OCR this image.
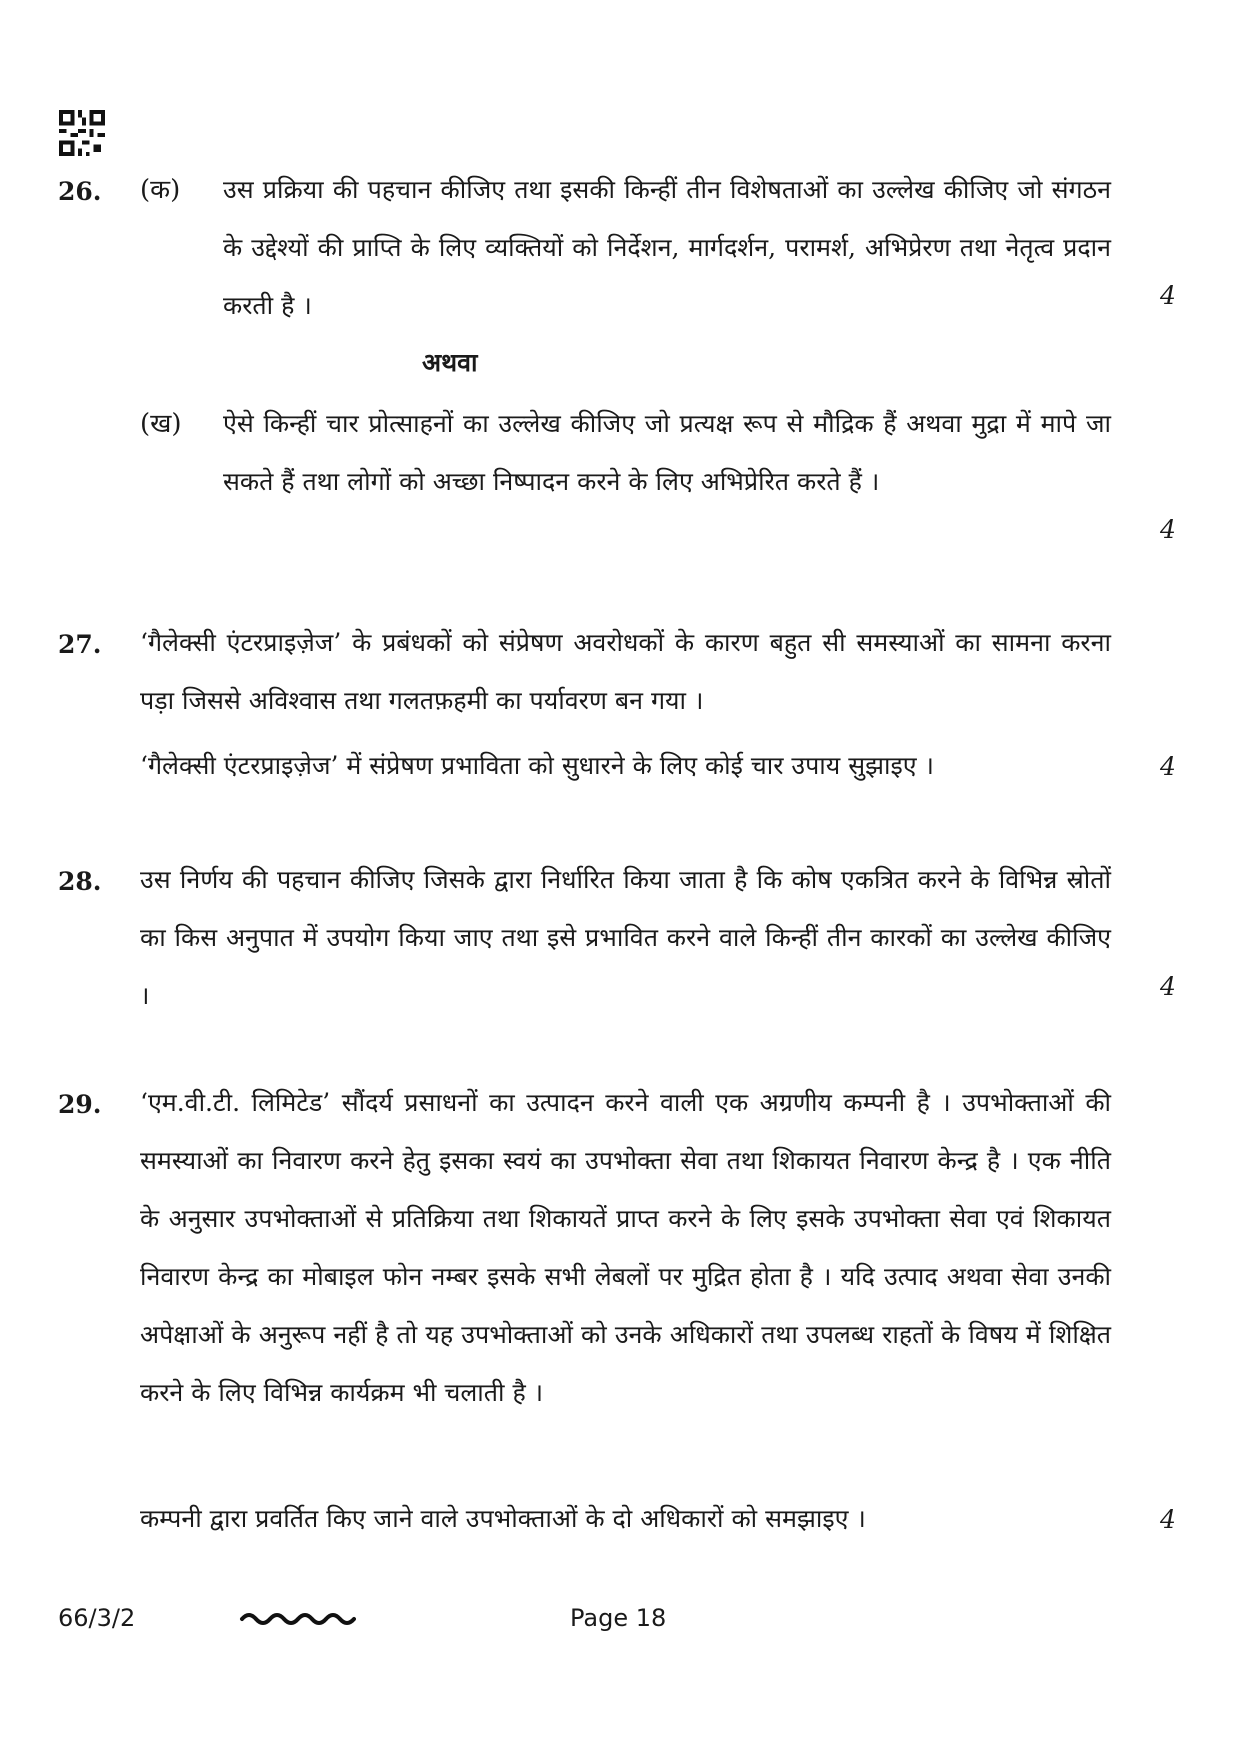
26. (क) उस प्रक्रिया की पहचान कीजिए तथा इसकी किन्हीं तीन विशेषताओं का उल्लेख कीजिए जो संगठन के उद्देश्यों की प्राप्ति के लिए व्यक्तियों को निर्देशन, मार्गदर्शन, परामर्श, अभिप्रेरण तथा नेतृत्व प्रदान करती है ।	4
अथवा
(ख) ऐसे किन्हीं चार प्रोत्साहनों का उल्लेख कीजिए जो प्रत्यक्ष रूप से मौद्रिक हैं अथवा मुद्रा में मापे जा सकते हैं तथा लोगों को अच्छा निष्पादन करने के लिए अभिप्रेरित करते हैं ।
4
27. ‘गैलेक्सी एंटरप्राइज़ेज’ के प्रबंधकों को संप्रेषण अवरोधकों के कारण बहुत सी समस्याओं का सामना करना पड़ा जिससे अविश्वास तथा गलतफ़हमी का पर्यावरण बन गया ।
‘गैलेक्सी एंटरप्राइज़ेज’ में संप्रेषण प्रभाविता को सुधारने के लिए कोई चार उपाय सुझाइए ।	4
28. उस निर्णय की पहचान कीजिए जिसके द्वारा निर्धारित किया जाता है कि कोष एकत्रित करने के विभिन्न स्रोतों का किस अनुपात में उपयोग किया जाए तथा इसे प्रभावित करने वाले किन्हीं तीन कारकों का उल्लेख कीजिए ।	4
29. ‘एम.वी.टी. लिमिटेड’ सौंदर्य प्रसाधनों का उत्पादन करने वाली एक अग्रणीय कम्पनी है । उपभोक्ताओं की समस्याओं का निवारण करने हेतु इसका स्वयं का उपभोक्ता सेवा तथा शिकायत निवारण केन्द्र है । एक नीति के अनुसार उपभोक्ताओं से प्रतिक्रिया तथा शिकायतें प्राप्त करने के लिए इसके उपभोक्ता सेवा एवं शिकायत निवारण केन्द्र का मोबाइल फोन नम्बर इसके सभी लेबलों पर मुद्रित होता है । यदि उत्पाद अथवा सेवा उनकी अपेक्षाओं के अनुरूप नहीं है तो यह उपभोक्ताओं को उनके अधिकारों तथा उपलब्ध राहतों के विषय में शिक्षित करने के लिए विभिन्न कार्यक्रम भी चलाती है ।
कम्पनी द्वारा प्रवर्तित किए जाने वाले उपभोक्ताओं के दो अधिकारों को समझाइए ।	4
66/3/2	Page 18
